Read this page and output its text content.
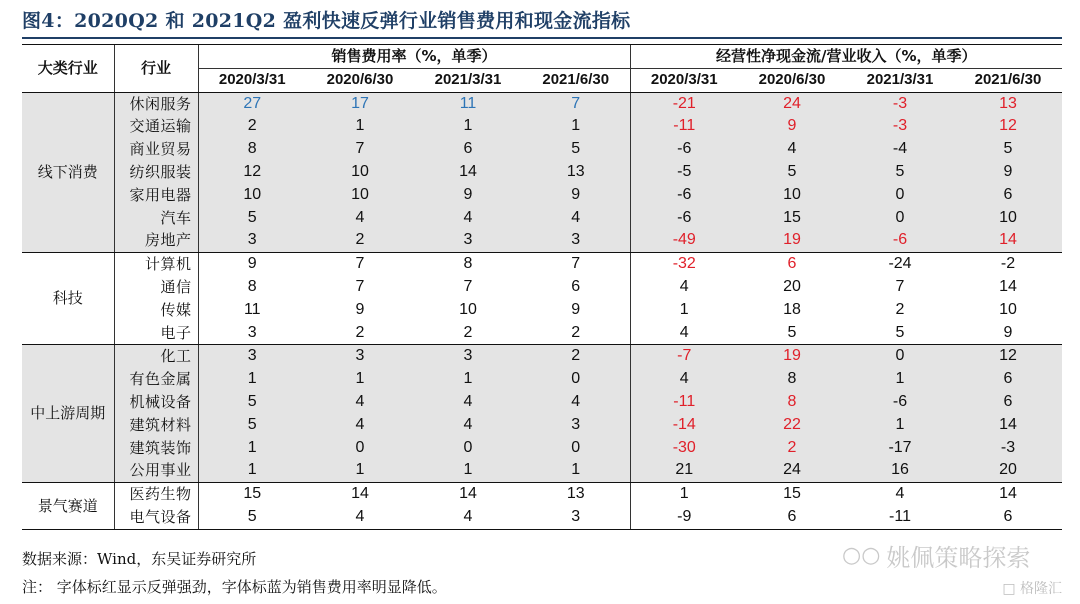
图4：2020Q2 和 2021Q2 盈利快速反弹行业销售费用和现金流指标
大类行业	行业	销售费用率（%，单季）				经营性净现金流/营业收入（%，单季）			
		2020/3/31	2020/6/30	2021/3/31	2021/6/30	2020/3/31	2020/6/30	2021/3/31	2021/6/30
线下消费	休闲服务	27	17	11	7	-21	24	-3	13
	交通运输	2	1	1	1	-11	9	-3	12
	商业贸易	8	7	6	5	-6	4	-4	5
	纺织服装	12	10	14	13	-5	5	5	9
	家用电器	10	10	9	9	-6	10	0	6
	汽车	5	4	4	4	-6	15	0	10
	房地产	3	2	3	3	-49	19	-6	14
科技	计算机	9	7	8	7	-32	6	-24	-2
	通信	8	7	7	6	4	20	7	14
	传媒	11	9	10	9	1	18	2	10
	电子	3	2	2	2	4	5	5	9
中上游周期	化工	3	3	3	2	-7	19	0	12
	有色金属	1	1	1	0	4	8	1	6
	机械设备	5	4	4	4	-11	8	-6	6
	建筑材料	5	4	4	3	-14	22	1	14
	建筑装饰	1	0	0	0	-30	2	-17	-3
	公用事业	1	1	1	1	21	24	16	20
景气赛道	医药生物	15	14	14	13	1	15	4	14
	电气设备	5	4	4	3	-9	6	-11	6
数据来源：Wind，东吴证券研究所
注： 字体标红显示反弹强劲，字体标蓝为销售费用率明显降低。
○○ 姚佩策略探索
□ 格隆汇
